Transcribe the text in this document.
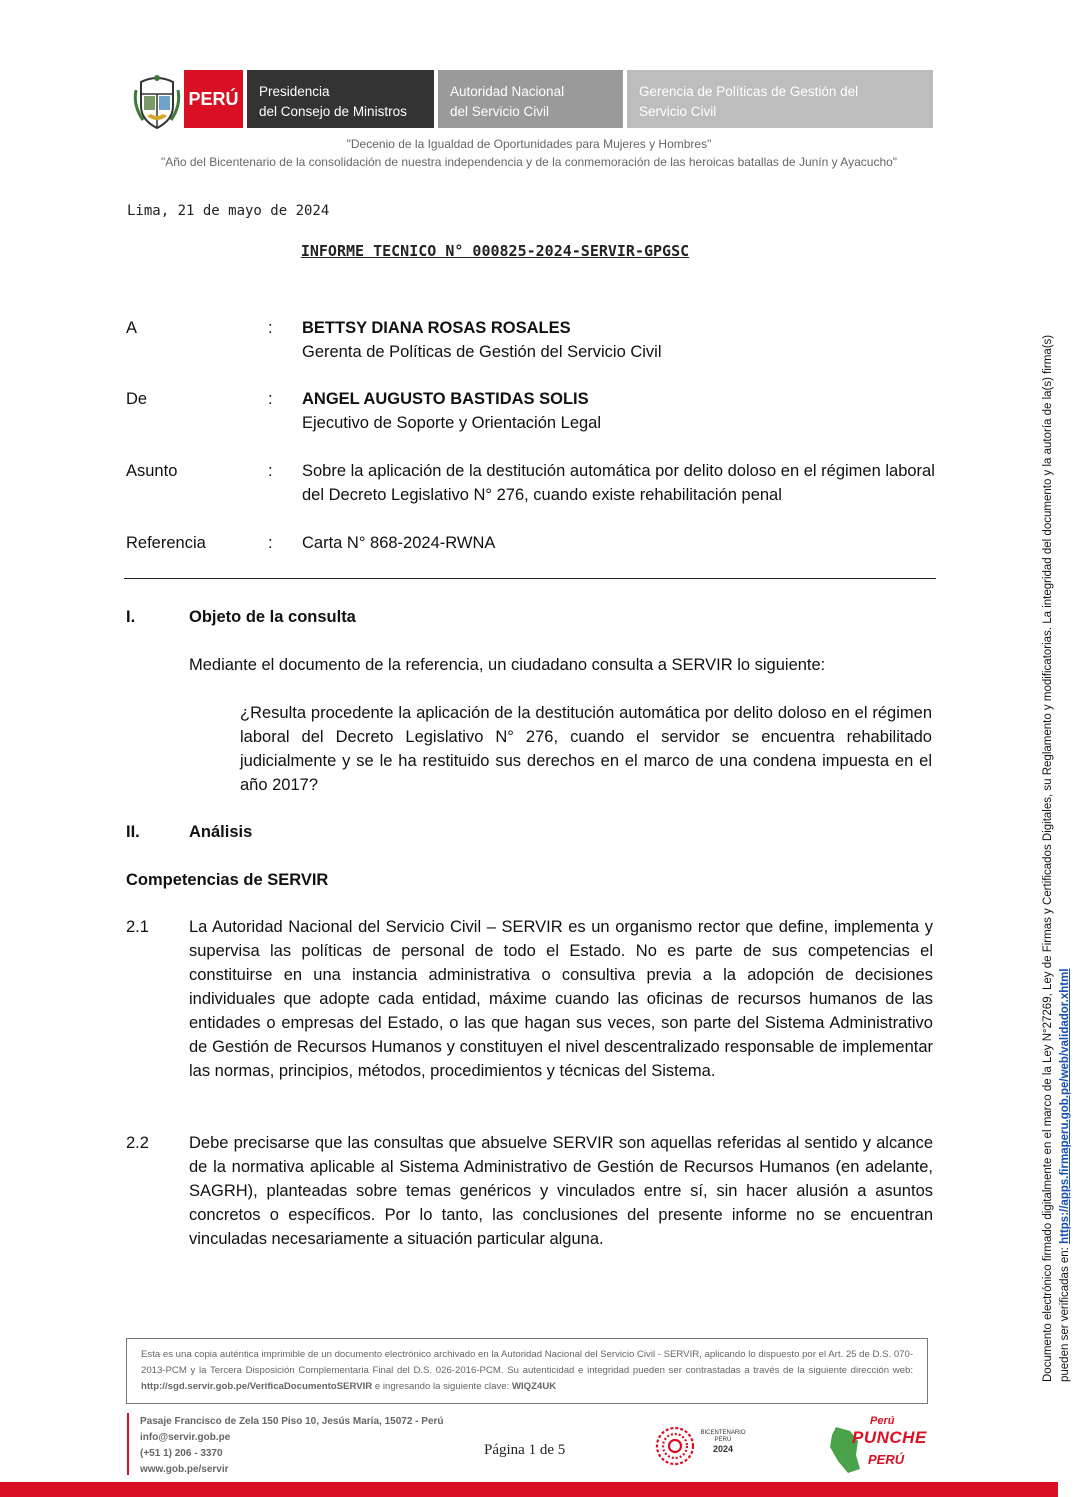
PERÚ	Presidencia
del Consejo de Ministros
Autoridad Nacional
del Servicio Civil
Gerencia de Políticas de Gestión del
Servicio Civil
"Decenio de la Igualdad de Oportunidades para Mujeres y Hombres"
"Año del Bicentenario de la consolidación de nuestra independencia y de la conmemoración de las heroicas batallas de Junín y Ayacucho"
Lima, 21 de mayo de 2024
INFORME TECNICO N° 000825-2024-SERVIR-GPGSC
A	: BETTSY DIANA ROSAS ROSALES
Gerenta de Políticas de Gestión del Servicio Civil
De	: ANGEL AUGUSTO BASTIDAS SOLIS
Ejecutivo de Soporte y Orientación Legal
Asunto	: Sobre la aplicación de la destitución automática por delito doloso en el régimen laboral del Decreto Legislativo N° 276, cuando existe rehabilitación penal
Referencia	: Carta N° 868-2024-RWNA
I.	Objeto de la consulta
Mediante el documento de la referencia, un ciudadano consulta a SERVIR lo siguiente:
¿Resulta procedente la aplicación de la destitución automática por delito doloso en el régimen laboral del Decreto Legislativo N° 276, cuando el servidor se encuentra rehabilitado judicialmente y se le ha restituido sus derechos en el marco de una condena impuesta en el año 2017?
II.	Análisis
Competencias de SERVIR
2.1 La Autoridad Nacional del Servicio Civil – SERVIR es un organismo rector que define, implementa y supervisa las políticas de personal de todo el Estado. No es parte de sus competencias el constituirse en una instancia administrativa o consultiva previa a la adopción de decisiones individuales que adopte cada entidad, máxime cuando las oficinas de recursos humanos de las entidades o empresas del Estado, o las que hagan sus veces, son parte del Sistema Administrativo de Gestión de Recursos Humanos y constituyen el nivel descentralizado responsable de implementar las normas, principios, métodos, procedimientos y técnicas del Sistema.
2.2 Debe precisarse que las consultas que absuelve SERVIR son aquellas referidas al sentido y alcance de la normativa aplicable al Sistema Administrativo de Gestión de Recursos Humanos (en adelante, SAGRH), planteadas sobre temas genéricos y vinculados entre sí, sin hacer alusión a asuntos concretos o específicos. Por lo tanto, las conclusiones del presente informe no se encuentran vinculadas necesariamente a situación particular alguna.
Esta es una copia auténtica imprimible de un documento electrónico archivado en la Autoridad Nacional del Servicio Civil - SERVIR, aplicando lo dispuesto por el Art. 25 de D.S. 070-2013-PCM y la Tercera Disposición Complementaria Final del D.S. 026-2016-PCM. Su autenticidad e integridad pueden ser contrastadas a través de la siguiente dirección web: http://sgd.servir.gob.pe/VerificaDocumentoSERVIR e ingresando la siguiente clave: WIQZ4UK
Pasaje Francisco de Zela 150 Piso 10, Jesús María, 15072 - Perú
info@servir.gob.pe
(+51 1) 206 - 3370
www.gob.pe/servir
Página 1 de 5
BICENTENARIO
PERÚ
2024
Perú
PUNCHE
PERÚ
Documento electrónico firmado digitalmente en el marco de la Ley N°27269, Ley de Firmas y Certificados Digitales, su Reglamento y modificatorias. La integridad del documento y la autoría de la(s) firma(s) pueden ser verificadas en: https://apps.firmaperu.gob.pe/web/validador.xhtml
